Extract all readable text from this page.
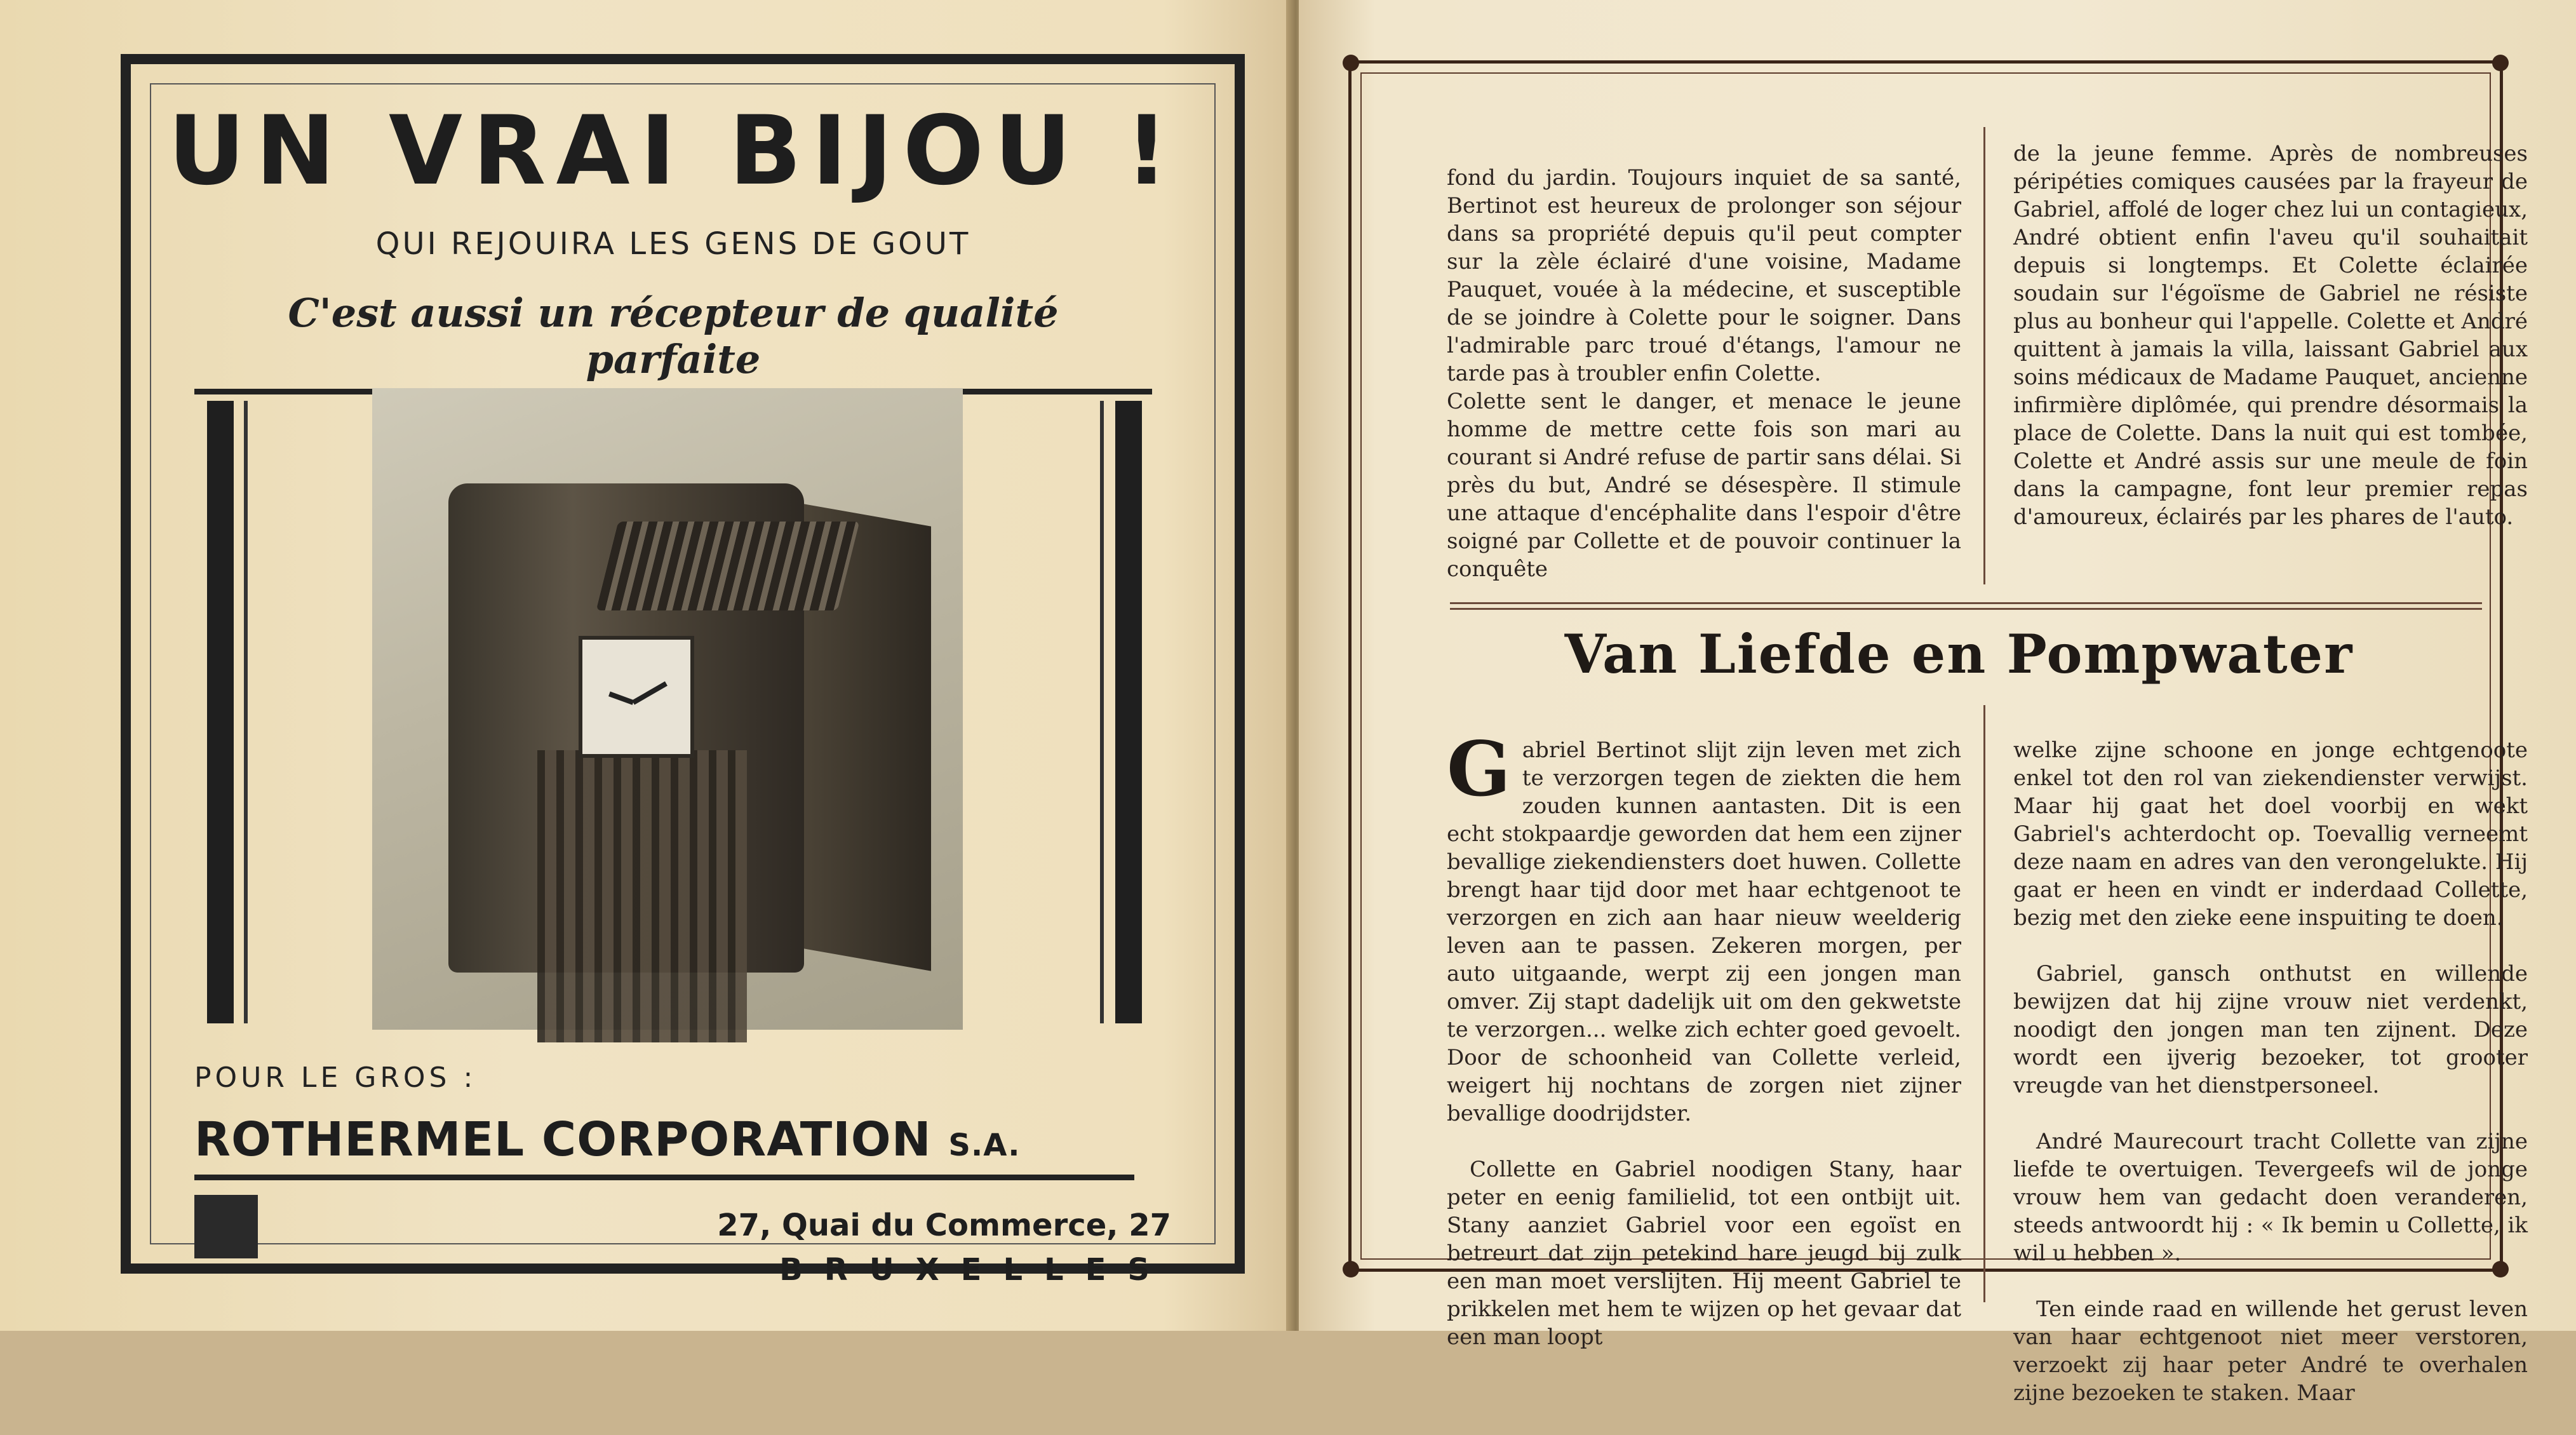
UN VRAI BIJOU !
QUI REJOUIRA LES GENS DE GOUT
C'est aussi un récepteur de qualité parfaite
POUR LE GROS :
ROTHERMEL CORPORATION S.A.
27, Quai du Commerce, 27
BRUXELLES
fond du jardin. Toujours inquiet de sa santé, Bertinot est heureux de prolonger son séjour dans sa propriété depuis qu'il peut compter sur la zèle éclairé d'une voisine, Madame Pauquet, vouée à la médecine, et susceptible de se joindre à Colette pour le soigner. Dans l'admirable parc troué d'étangs, l'amour ne tarde pas à troubler enfin Colette.
Colette sent le danger, et menace le jeune homme de mettre cette fois son mari au courant si André refuse de partir sans délai. Si près du but, André se désespère. Il stimule une attaque d'encéphalite dans l'espoir d'être soigné par Collette et de pouvoir continuer la conquête
de la jeune femme. Après de nombreuses péripéties comiques causées par la frayeur de Gabriel, affolé de loger chez lui un contagieux, André obtient enfin l'aveu qu'il souhaitait depuis si longtemps. Et Colette éclairée soudain sur l'égoïsme de Gabriel ne résiste plus au bonheur qui l'appelle. Colette et André quittent à jamais la villa, laissant Gabriel aux soins médicaux de Madame Pauquet, ancienne infirmière diplômée, qui prendre désormais la place de Colette. Dans la nuit qui est tombée, Colette et André assis sur une meule de foin dans la campagne, font leur premier repas d'amoureux, éclairés par les phares de l'auto.
Van Liefde en Pompwater

Gabriel Bertinot slijt zijn leven met zich te verzorgen tegen de ziekten die hem zouden kunnen aantasten. Dit is een echt stokpaardje geworden dat hem een zijner bevallige ziekendiensters doet huwen. Collette brengt haar tijd door met haar echtgenoot te verzorgen en zich aan haar nieuw weelderig leven aan te passen. Zekeren morgen, per auto uitgaande, werpt zij een jongen man omver. Zij stapt dadelijk uit om den gekwetste te verzorgen... welke zich echter goed gevoelt. Door de schoonheid van Collette verleid, weigert hij nochtans de zorgen niet zijner bevallige doodrijdster.

Collette en Gabriel noodigen Stany, haar peter en eenig familielid, tot een ontbijt uit. Stany aanziet Gabriel voor een egoïst en betreurt dat zijn petekind hare jeugd bij zulk een man moet verslijten. Hij meent Gabriel te prikkelen met hem te wijzen op het gevaar dat een man loopt

welke zijne schoone en jonge echtgenoote enkel tot den rol van ziekendienster verwijst. Maar hij gaat het doel voorbij en wekt Gabriel's achterdocht op. Toevallig verneemt deze naam en adres van den verongelukte. Hij gaat er heen en vindt er inderdaad Collette, bezig met den zieke eene inspuiting te doen.

Gabriel, gansch onthutst en willende bewijzen dat hij zijne vrouw niet verdenkt, noodigt den jongen man ten zijnent. Deze wordt een ijverig bezoeker, tot grooter vreugde van het dienstpersoneel.

André Maurecourt tracht Collette van zijne liefde te overtuigen. Tevergeefs wil de jonge vrouw hem van gedacht doen veranderen, steeds antwoordt hij : « Ik bemin u Collette, ik wil u hebben ».

Ten einde raad en willende het gerust leven van haar echtgenoot niet meer verstoren, verzoekt zij haar peter André te overhalen zijne bezoeken te staken. Maar
